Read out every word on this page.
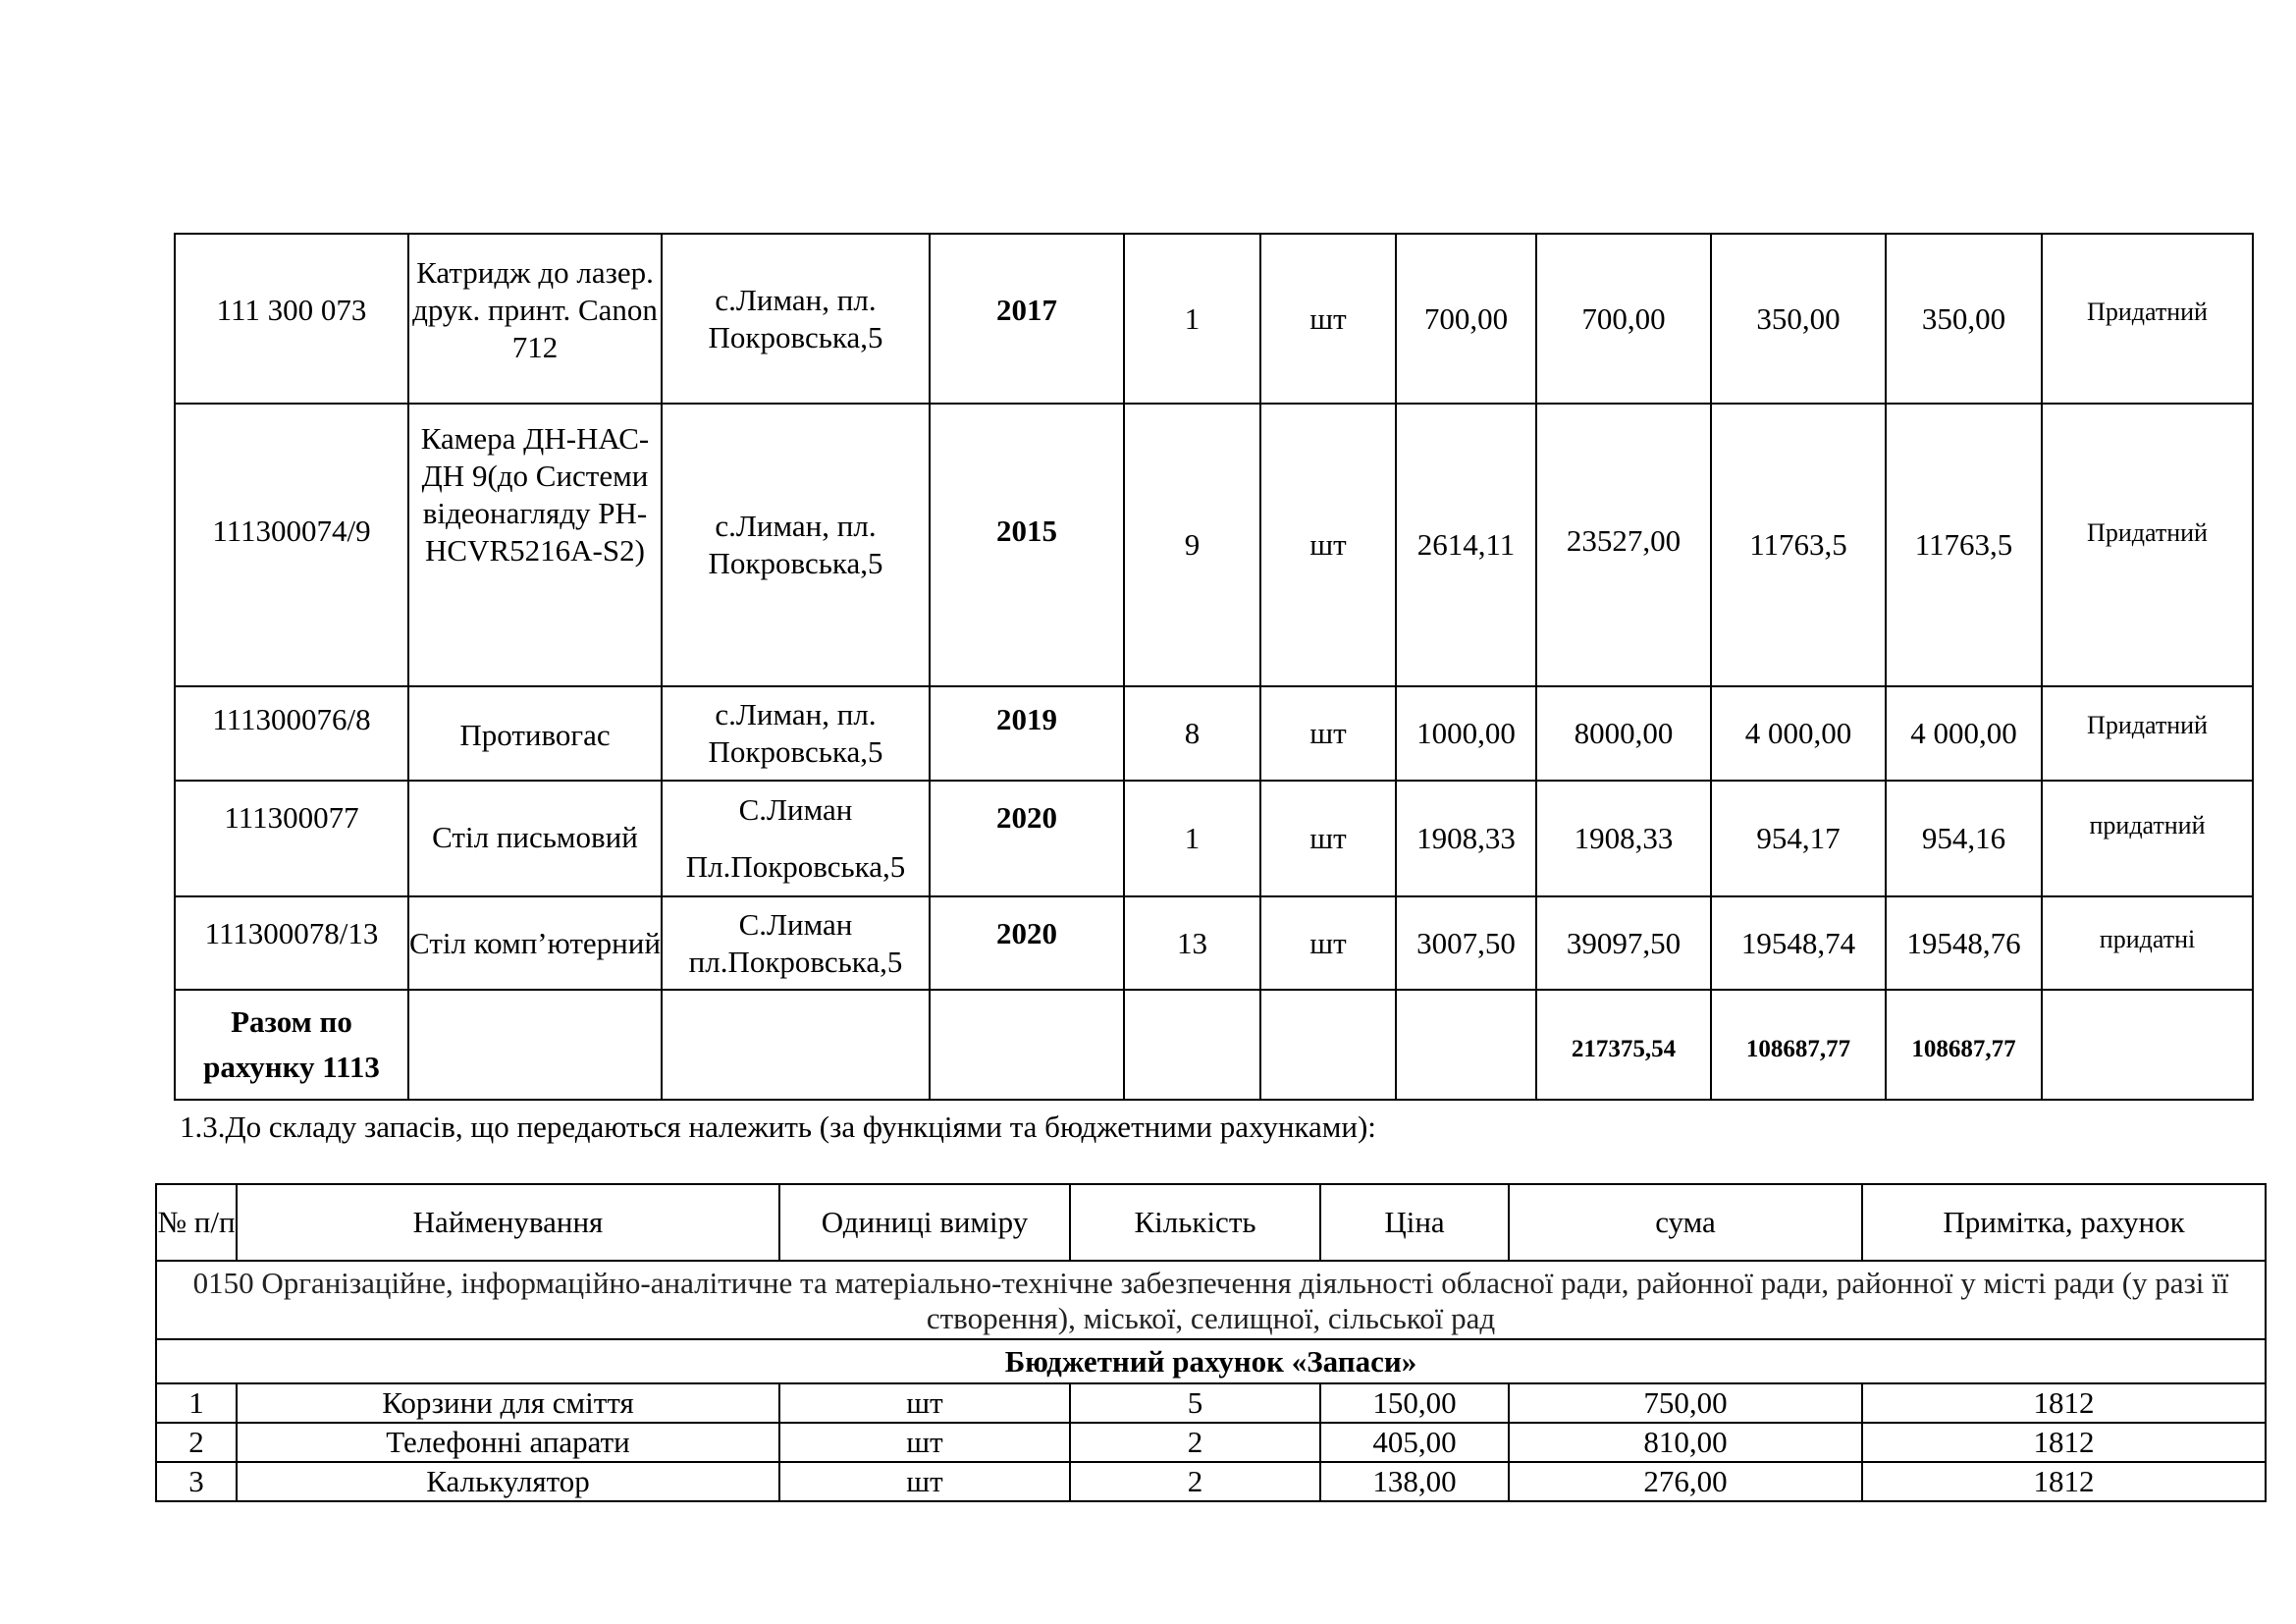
111 300 073	Катридж до лазер. друк. принт. Canon 712	с.Лиман, пл. Покровська,5	2017	1	шт	700,00	700,00	350,00	350,00	Придатний
111300074/9	Камера ДН-НАС-ДН 9(до Системи відеонагляду PH-HCVR5216A-S2)	с.Лиман, пл. Покровська,5	2015	9	шт	2614,11	23527,00	11763,5	11763,5	Придатний
111300076/8	Противогас	с.Лиман, пл. Покровська,5	2019	8	шт	1000,00	8000,00	4 000,00	4 000,00	Придатний
111300077	Стіл письмовий	С.Лиман Пл.Покровська,5	2020	1	шт	1908,33	1908,33	954,17	954,16	придатний
111300078/13	Стіл комп’ютерний	С.Лиман пл.Покровська,5	2020	13	шт	3007,50	39097,50	19548,74	19548,76	придатні
Разом по рахунку 1113							217375,54	108687,77	108687,77	
1.3.До складу запасів, що передаються належить (за функціями та бюджетними рахунками):
№ п/п	Найменування	Одиниці виміру	Кількість	Ціна	сума	Примітка, рахунок
0150 Організаційне, інформаційно-аналітичне та матеріально-технічне забезпечення діяльності обласної ради, районної ради, районної у місті ради (у разі її створення), міської, селищної, сільської рад						
Бюджетний рахунок «Запаси»						
1	Корзини для сміття	шт	5	150,00	750,00	1812
2	Телефонні апарати	шт	2	405,00	810,00	1812
3	Калькулятор	шт	2	138,00	276,00	1812
